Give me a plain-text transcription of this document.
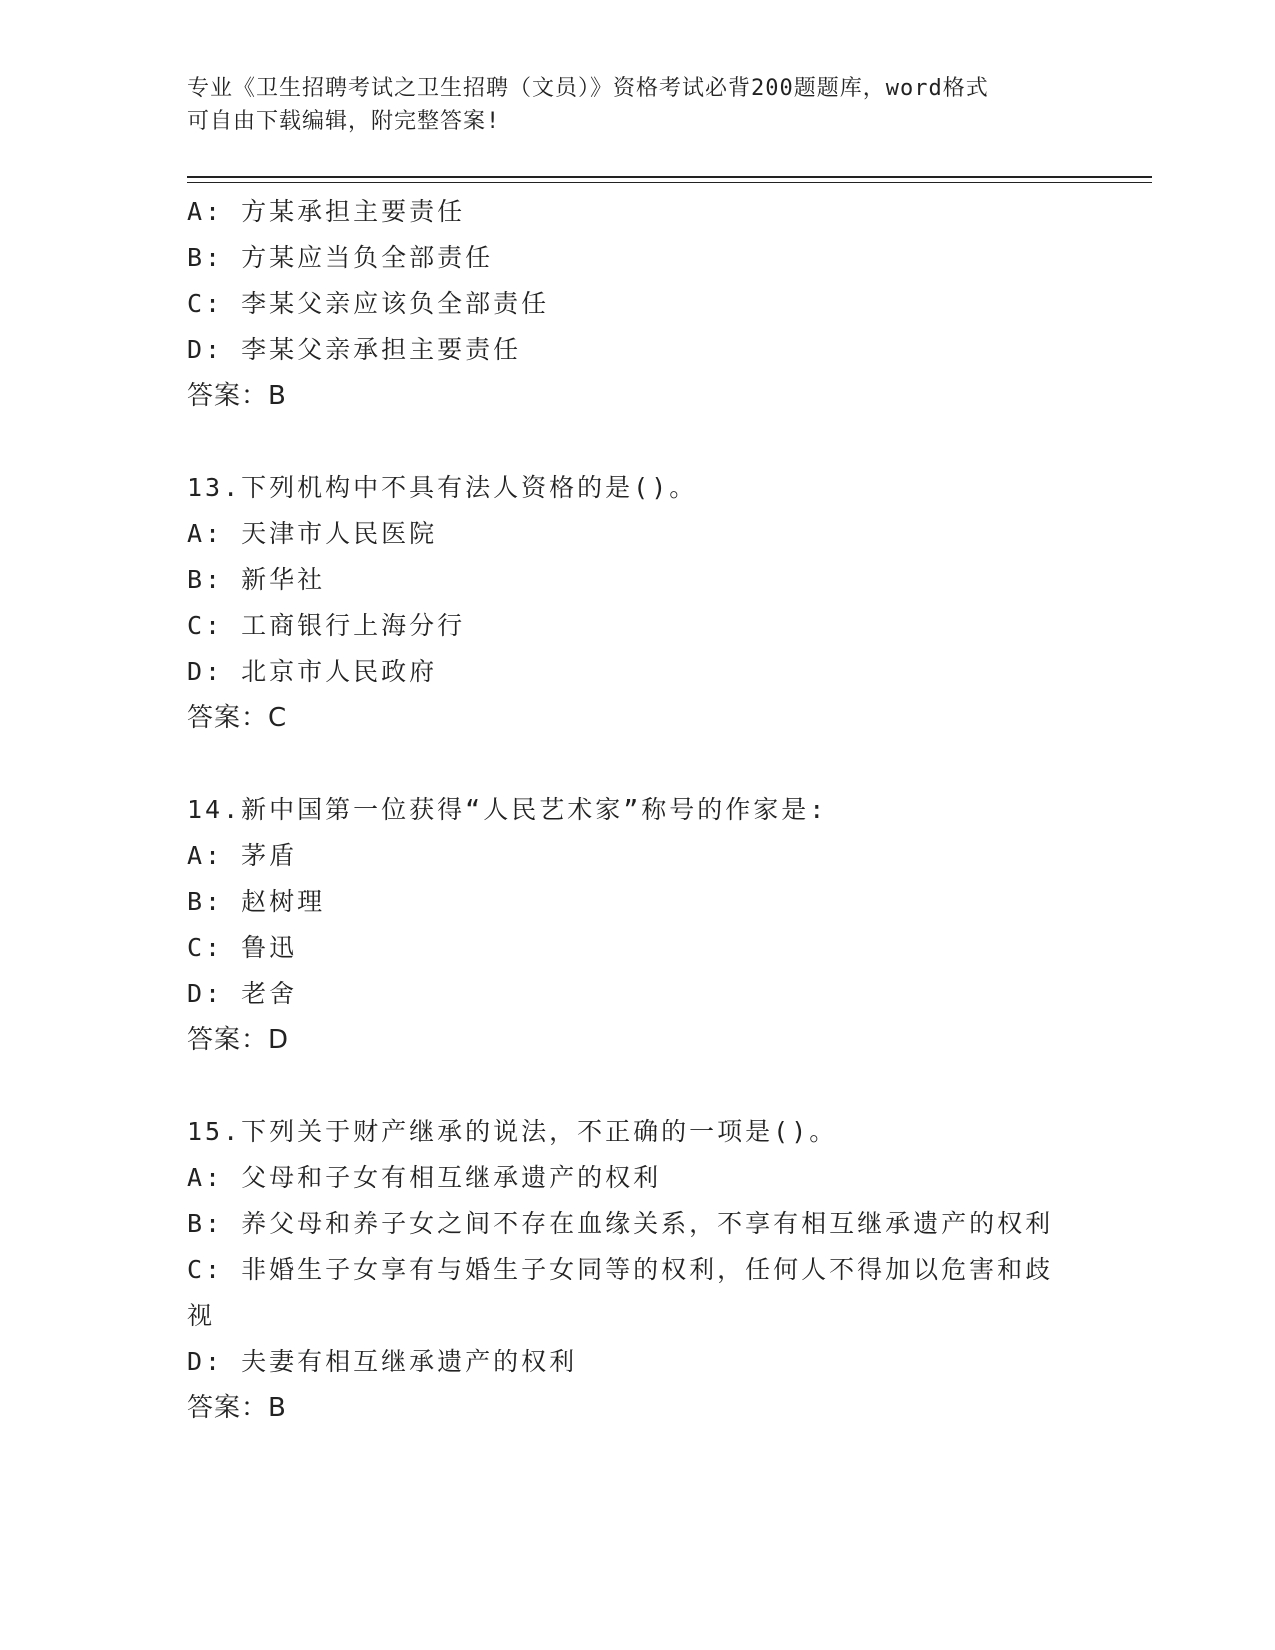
专业《卫生招聘考试之卫生招聘（文员）》资格考试必背200题题库，word格式
可自由下载编辑，附完整答案!
A: 方某承担主要责任
B: 方某应当负全部责任
C: 李某父亲应该负全部责任
D: 李某父亲承担主要责任
答案：B
13.下列机构中不具有法人资格的是()。
A: 天津市人民医院
B: 新华社
C: 工商银行上海分行
D: 北京市人民政府
答案：C
14.新中国第一位获得“人民艺术家”称号的作家是:
A: 茅盾
B: 赵树理
C: 鲁迅
D: 老舍
答案：D
15.下列关于财产继承的说法，不正确的一项是()。
A: 父母和子女有相互继承遗产的权利
B: 养父母和养子女之间不存在血缘关系，不享有相互继承遗产的权利
C: 非婚生子女享有与婚生子女同等的权利，任何人不得加以危害和歧视
D: 夫妻有相互继承遗产的权利
答案：B
